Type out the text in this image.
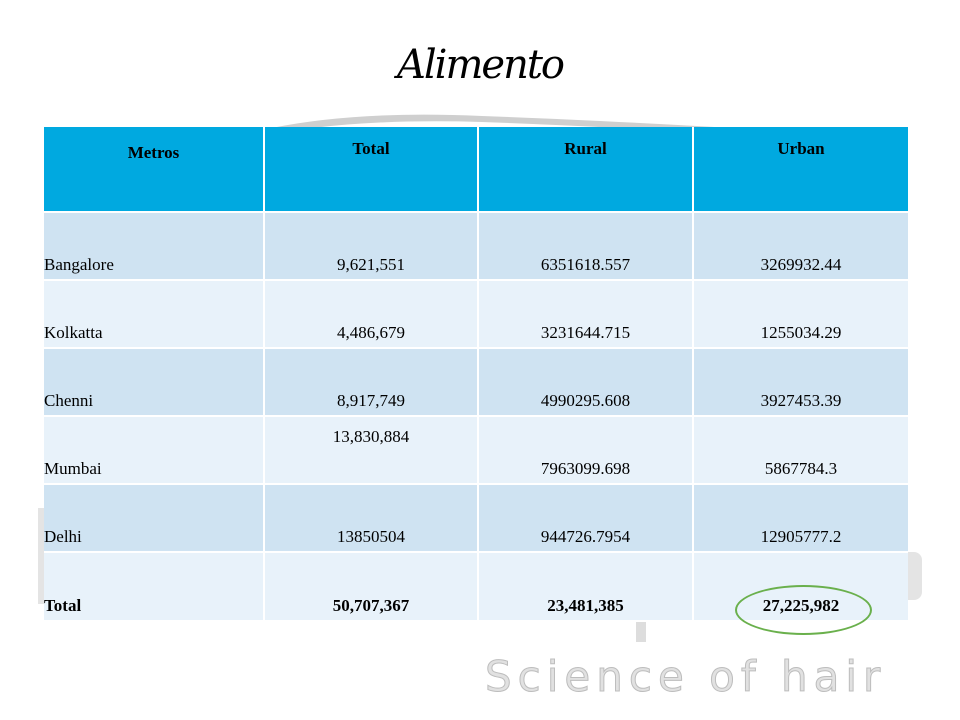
Science of hair
Alimento
Metros	Total	Rural	Urban
Bangalore	9,621,551	6351618.557	3269932.44
Kolkatta	4,486,679	3231644.715	1255034.29
Chenni	8,917,749	4990295.608	3927453.39
Mumbai	13,830,884	7963099.698	5867784.3
Delhi	13850504	944726.7954	12905777.2
Total	50,707,367	23,481,385	27,225,982
